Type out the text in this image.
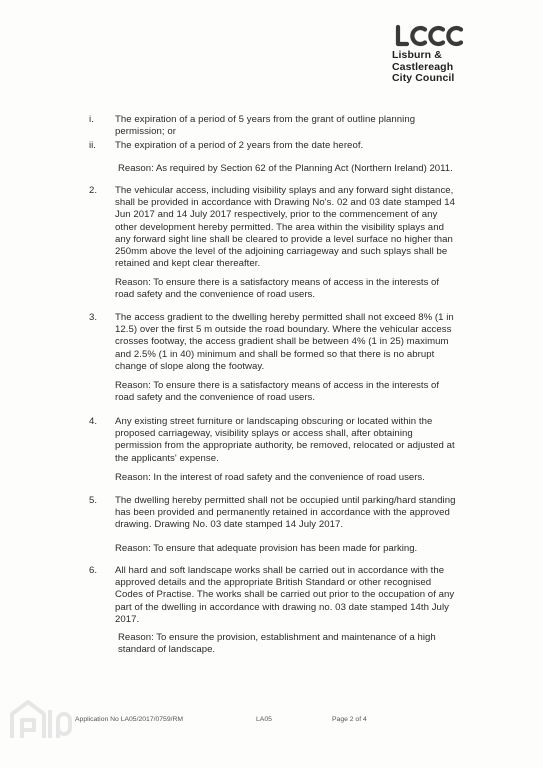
Lisburn &
Castlereagh
City Council
i. The expiration of a period of 5 years from the grant of outline planning
permission; or
ii. The expiration of a period of 2 years from the date hereof.
Reason: As required by Section 62 of the Planning Act (Northern Ireland) 2011.
2. The vehicular access, including visibility splays and any forward sight distance,
shall be provided in accordance with Drawing No's. 02 and 03 date stamped 14
Jun 2017 and 14 July 2017 respectively, prior to the commencement of any
other development hereby permitted. The area within the visibility splays and
any forward sight line shall be cleared to provide a level surface no higher than
250mm above the level of the adjoining carriageway and such splays shall be
retained and kept clear thereafter.
Reason: To ensure there is a satisfactory means of access in the interests of
road safety and the convenience of road users.
3. The access gradient to the dwelling hereby permitted shall not exceed 8% (1 in
12.5) over the first 5 m outside the road boundary. Where the vehicular access
crosses footway, the access gradient shall be between 4% (1 in 25) maximum
and 2.5% (1 in 40) minimum and shall be formed so that there is no abrupt
change of slope along the footway.
Reason: To ensure there is a satisfactory means of access in the interests of
road safety and the convenience of road users.
4. Any existing street furniture or landscaping obscuring or located within the
proposed carriageway, visibility splays or access shall, after obtaining
permission from the appropriate authority, be removed, relocated or adjusted at
the applicants' expense.
Reason: In the interest of road safety and the convenience of road users.
5. The dwelling hereby permitted shall not be occupied until parking/hard standing
has been provided and permanently retained in accordance with the approved
drawing. Drawing No. 03 date stamped 14 July 2017.
Reason: To ensure that adequate provision has been made for parking.
6. All hard and soft landscape works shall be carried out in accordance with the
approved details and the appropriate British Standard or other recognised
Codes of Practise. The works shall be carried out prior to the occupation of any
part of the dwelling in accordance with drawing no. 03 date stamped 14th July
2017.
Reason: To ensure the provision, establishment and maintenance of a high
standard of landscape.
Application No LA05/2017/0759/RM	LA05	Page 2 of 4
